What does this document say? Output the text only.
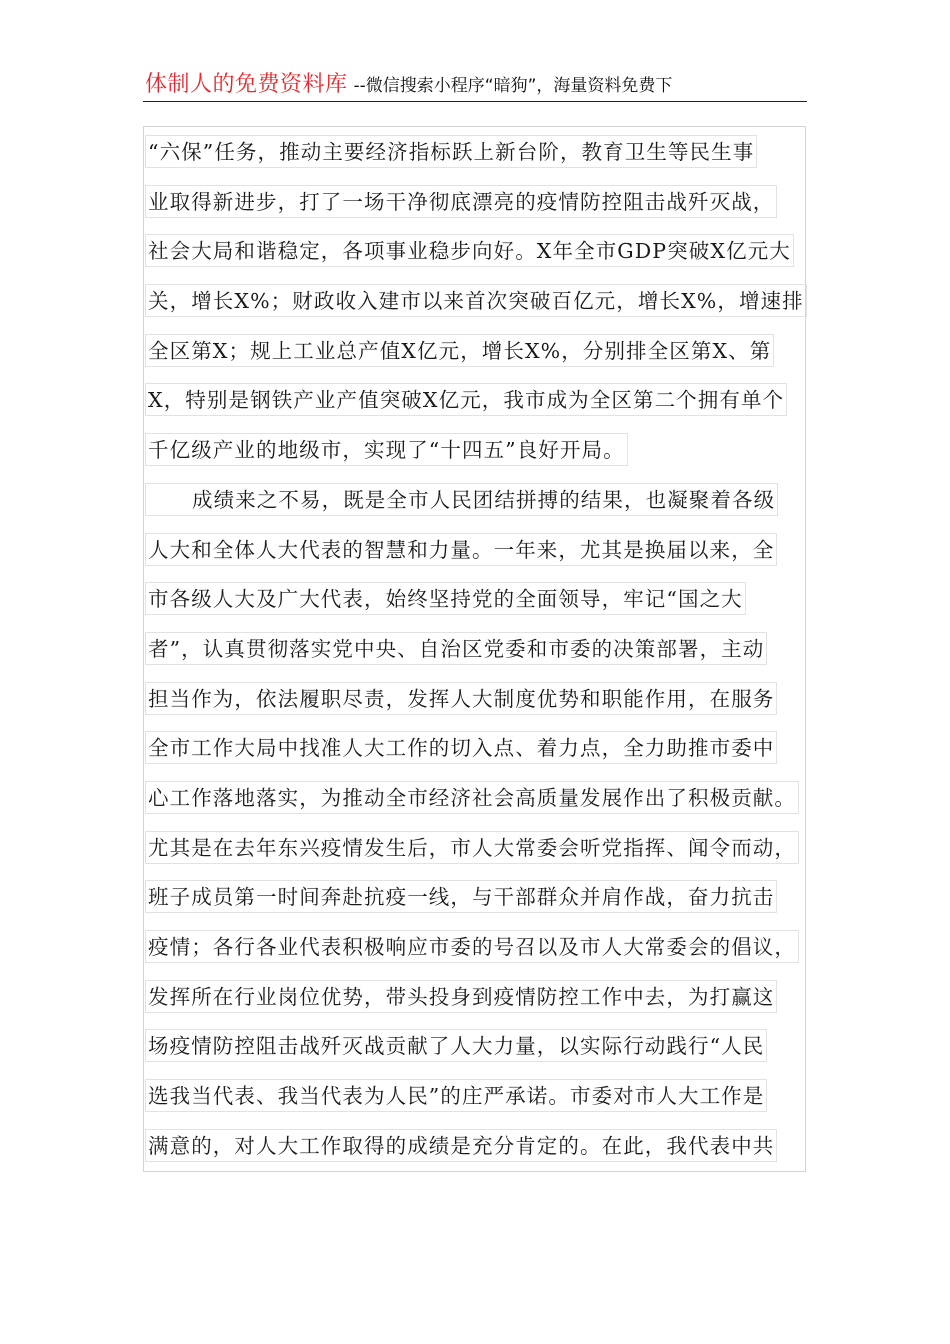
体制人的免费资料库 --微信搜索小程序“暗狗”，海量资料免费下
“六保”任务，推动主要经济指标跃上新台阶，教育卫生等民生事
业取得新进步，打了一场干净彻底漂亮的疫情防控阻击战歼灭战，
社会大局和谐稳定，各项事业稳步向好。X年全市GDP突破X亿元大
关，增长X%；财政收入建市以来首次突破百亿元，增长X%，增速排
全区第X；规上工业总产值X亿元，增长X%，分别排全区第X、第
X，特别是钢铁产业产值突破X亿元，我市成为全区第二个拥有单个
千亿级产业的地级市，实现了“十四五”良好开局。
成绩来之不易，既是全市人民团结拼搏的结果，也凝聚着各级
人大和全体人大代表的智慧和力量。一年来，尤其是换届以来，全
市各级人大及广大代表，始终坚持党的全面领导，牢记“国之大
者”，认真贯彻落实党中央、自治区党委和市委的决策部署，主动
担当作为，依法履职尽责，发挥人大制度优势和职能作用，在服务
全市工作大局中找准人大工作的切入点、着力点，全力助推市委中
心工作落地落实，为推动全市经济社会高质量发展作出了积极贡献。
尤其是在去年东兴疫情发生后，市人大常委会听党指挥、闻令而动，
班子成员第一时间奔赴抗疫一线，与干部群众并肩作战，奋力抗击
疫情；各行各业代表积极响应市委的号召以及市人大常委会的倡议，
发挥所在行业岗位优势，带头投身到疫情防控工作中去，为打赢这
场疫情防控阻击战歼灭战贡献了人大力量，以实际行动践行“人民
选我当代表、我当代表为人民”的庄严承诺。市委对市人大工作是
满意的，对人大工作取得的成绩是充分肯定的。在此，我代表中共
